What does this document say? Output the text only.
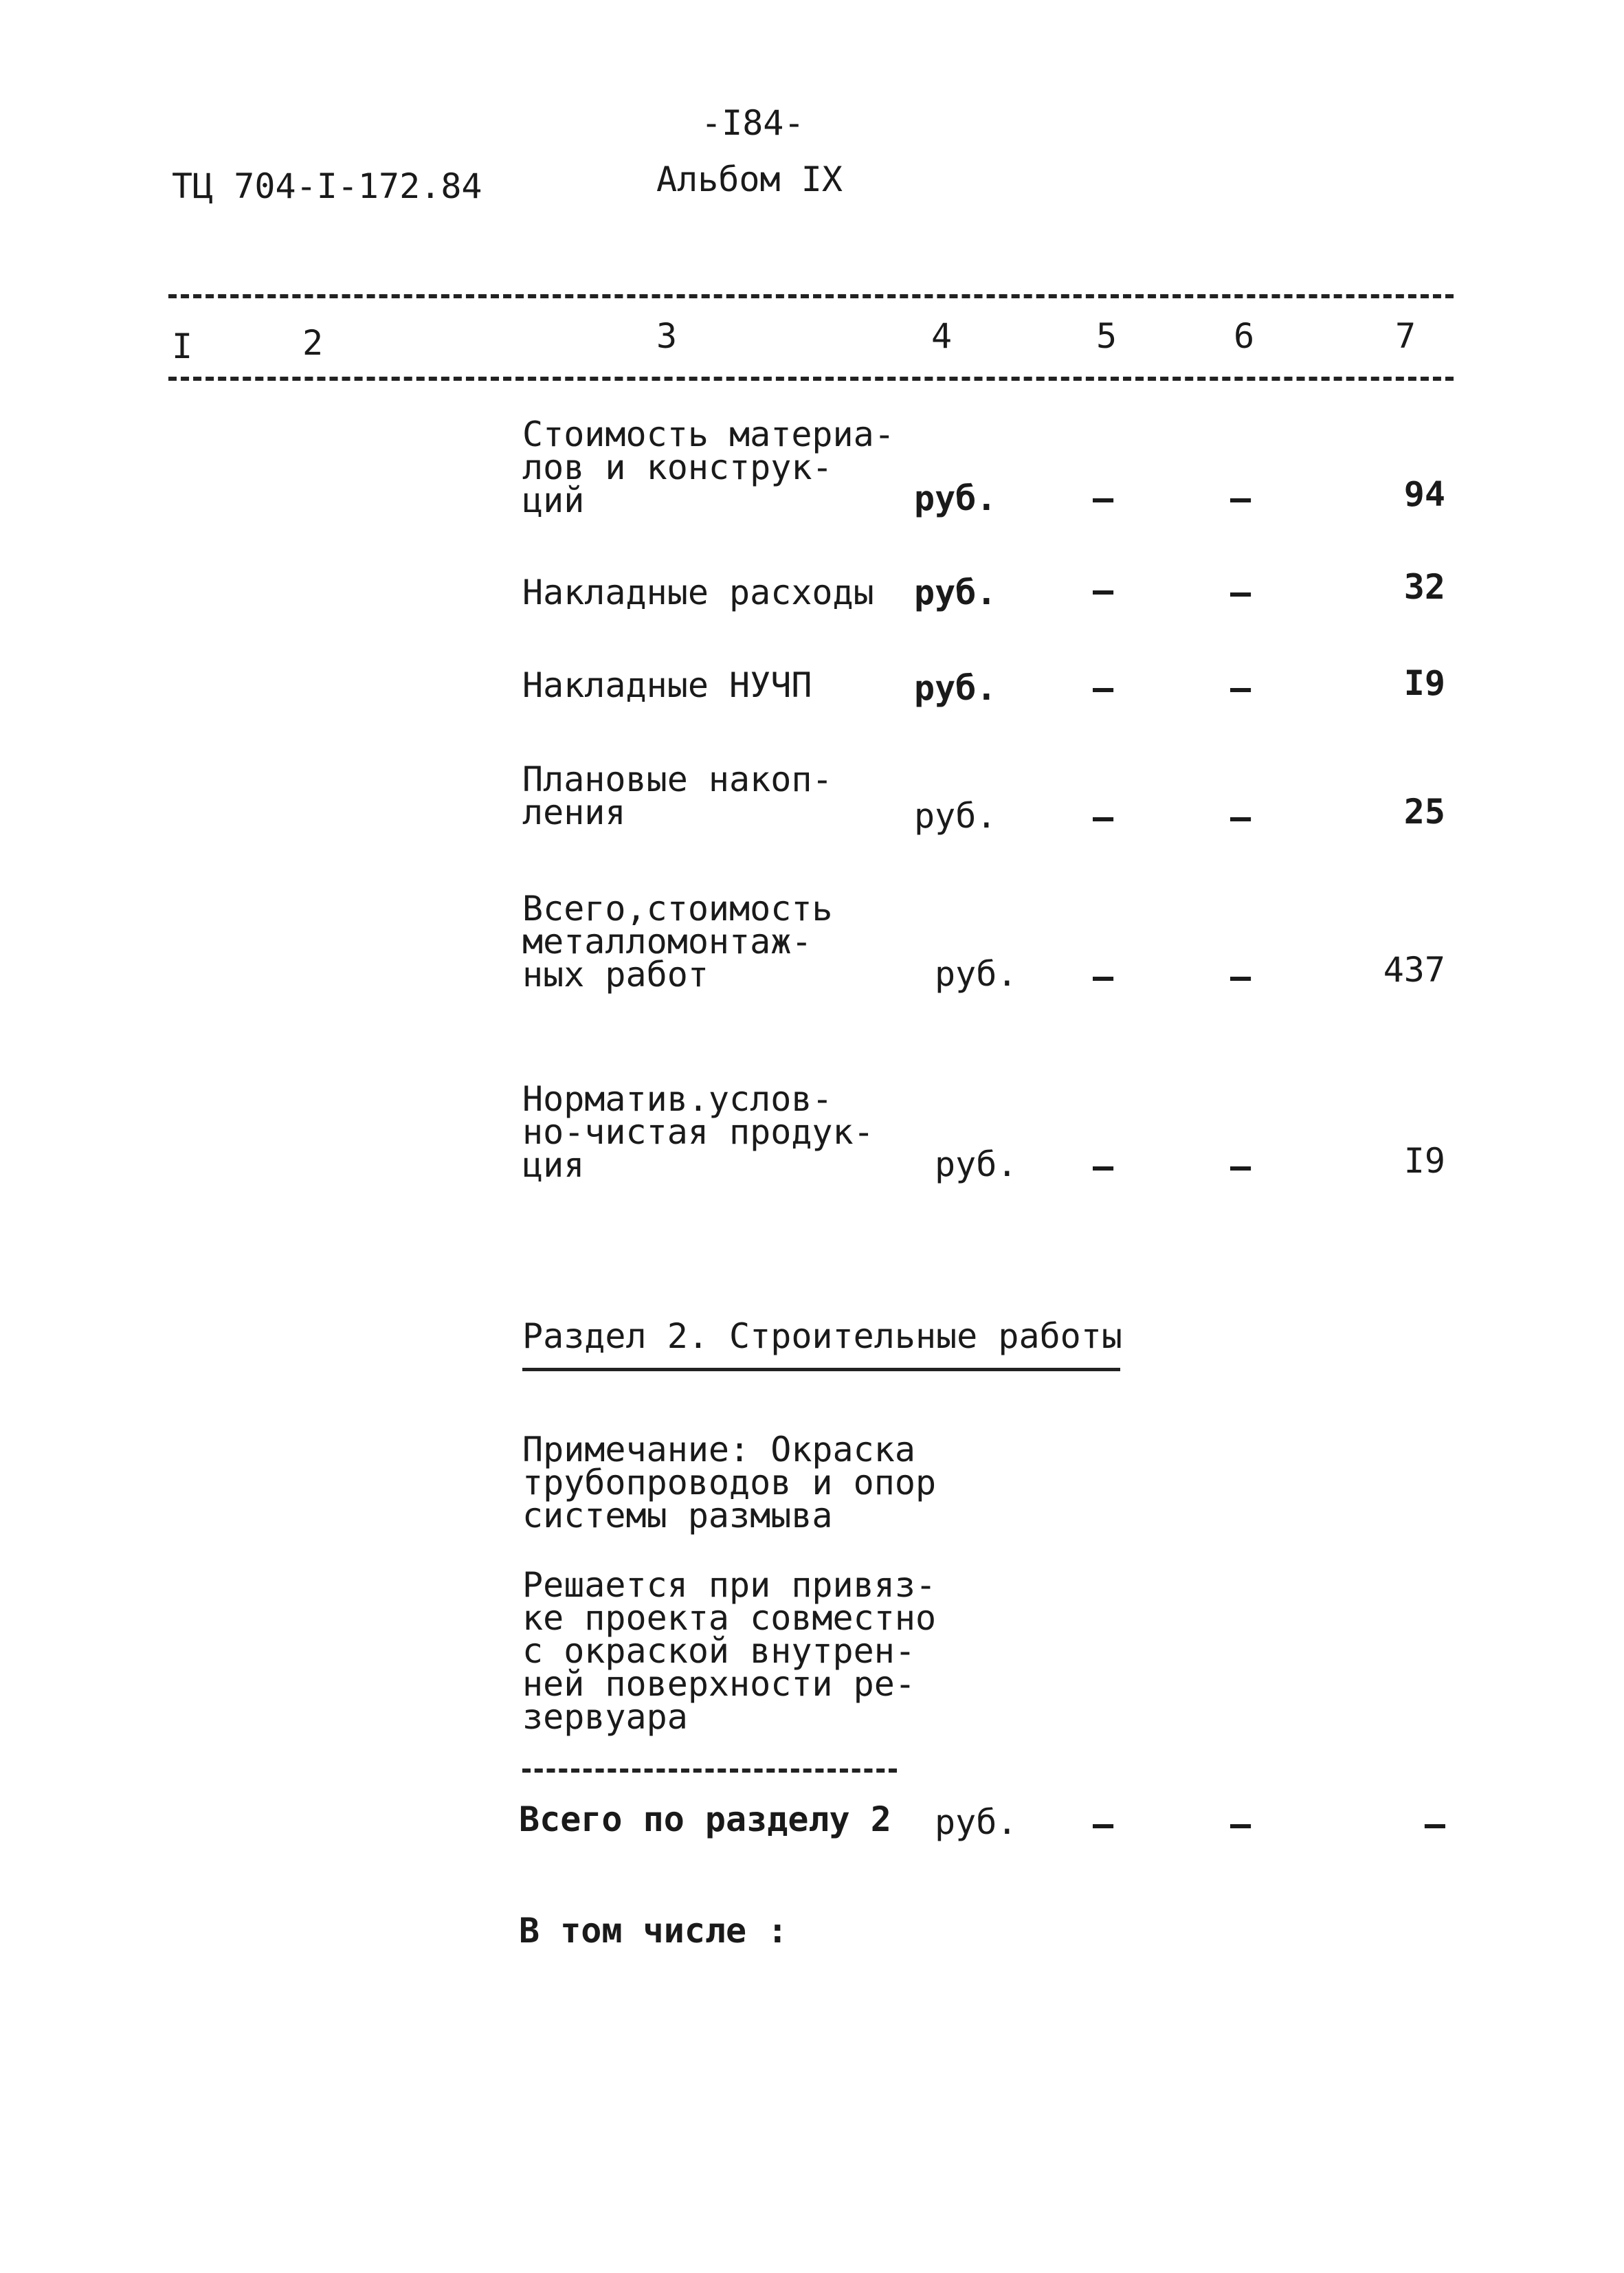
-I84-
ТЦ 704-I-172.84	Альбом IX
I	2	3	4	5	6	7
Стоимость материа-
лов и конструк-
ций	руб.	–	–	94
Накладные расходы руб.	–	–	32
Накладные НУЧП	руб.	–	–	I9
Плановые накоп-
ления	руб.	–	–	25
Всего,стоимость
металломонтаж-
ных работ	руб. –	–	437
Норматив.услов-
но-чистая продук-
ция	руб. –	–	I9
Раздел 2. Строительные работы
Примечание: Окраска
трубопроводов и опор
системы размыва
Решается при привяз-
ке проекта совместно
с окраской внутрен-
ней поверхности ре-
зервуара
Всего по разделу 2 руб. –	–	–
В том числе :
